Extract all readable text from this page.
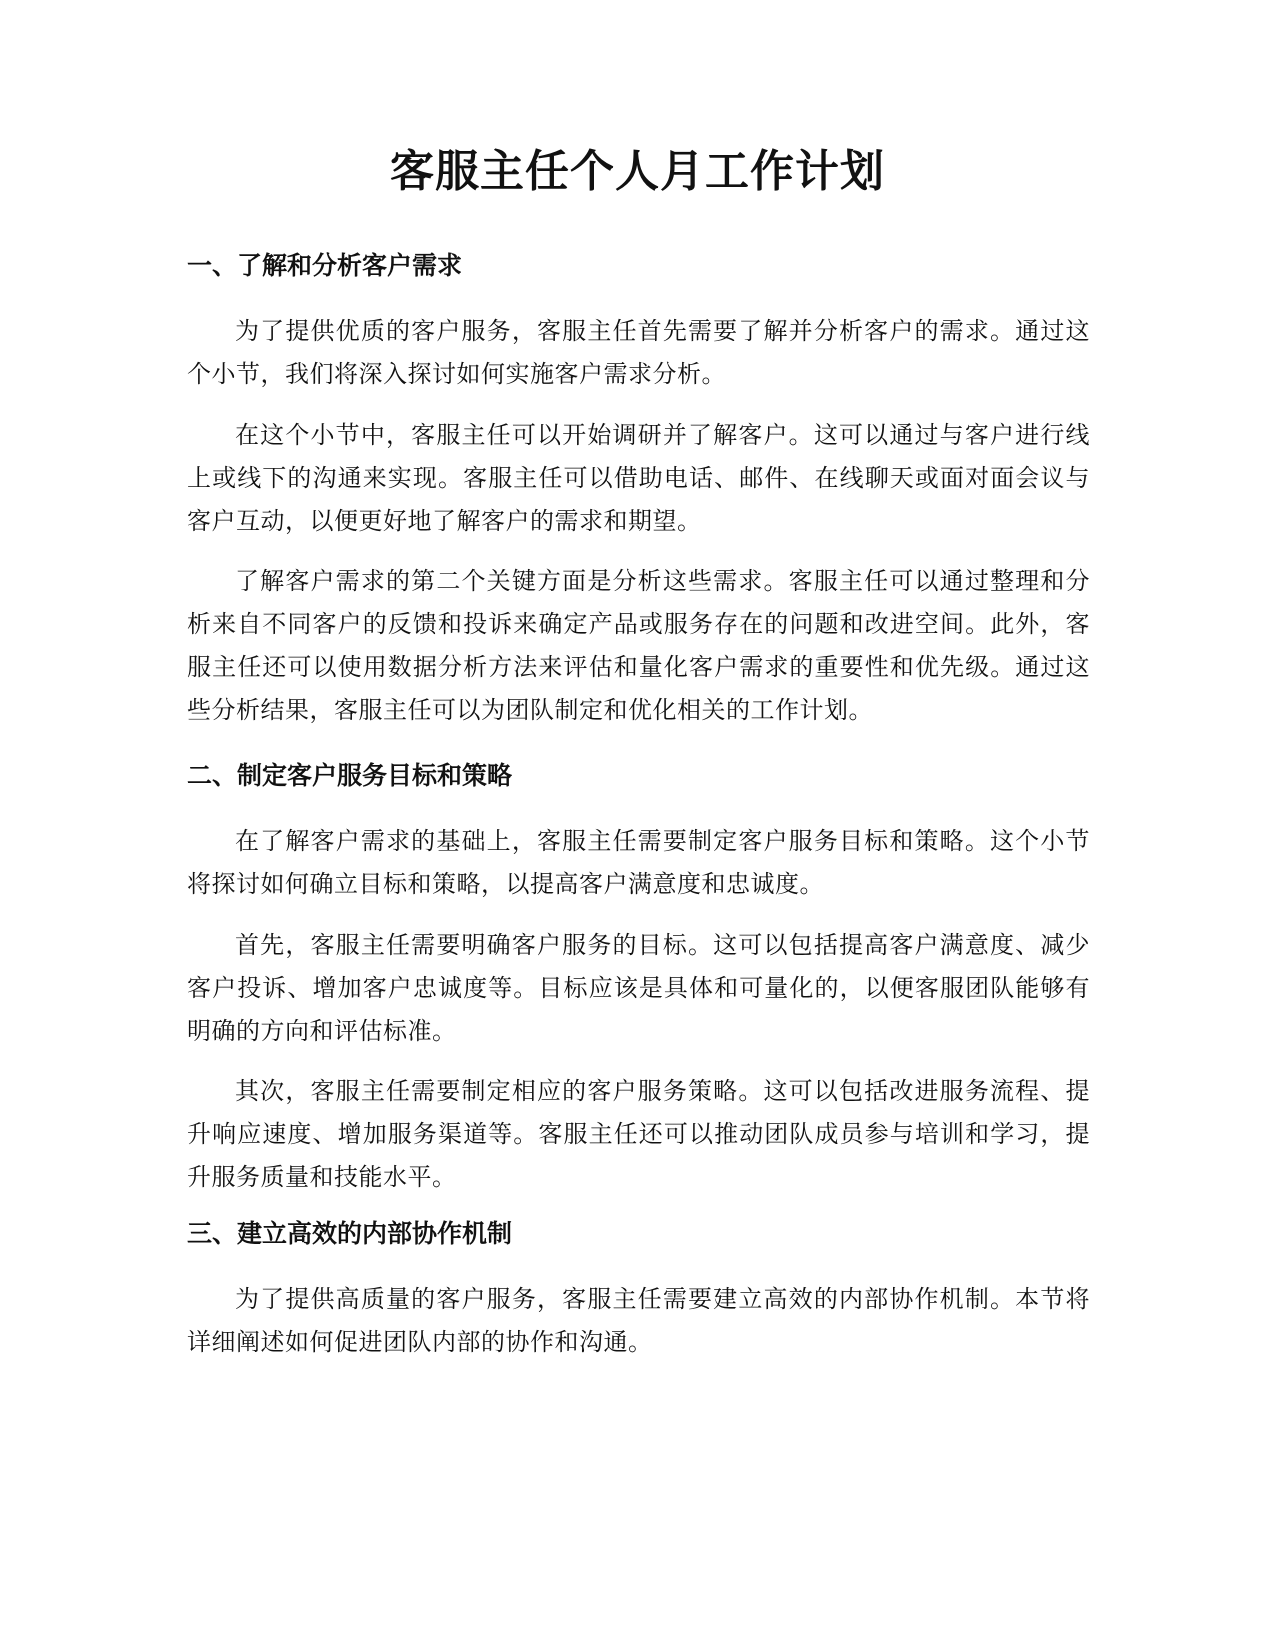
客服主任个人月工作计划
一、了解和分析客户需求

为了提供优质的客户服务，客服主任首先需要了解并分析客户的需求。通过这个小节，我们将深入探讨如何实施客户需求分析。

在这个小节中，客服主任可以开始调研并了解客户。这可以通过与客户进行线上或线下的沟通来实现。客服主任可以借助电话、邮件、在线聊天或面对面会议与客户互动，以便更好地了解客户的需求和期望。

了解客户需求的第二个关键方面是分析这些需求。客服主任可以通过整理和分析来自不同客户的反馈和投诉来确定产品或服务存在的问题和改进空间。此外，客服主任还可以使用数据分析方法来评估和量化客户需求的重要性和优先级。通过这些分析结果，客服主任可以为团队制定和优化相关的工作计划。

二、制定客户服务目标和策略

在了解客户需求的基础上，客服主任需要制定客户服务目标和策略。这个小节将探讨如何确立目标和策略，以提高客户满意度和忠诚度。

首先，客服主任需要明确客户服务的目标。这可以包括提高客户满意度、减少客户投诉、增加客户忠诚度等。目标应该是具体和可量化的，以便客服团队能够有明确的方向和评估标准。

其次，客服主任需要制定相应的客户服务策略。这可以包括改进服务流程、提升响应速度、增加服务渠道等。客服主任还可以推动团队成员参与培训和学习，提升服务质量和技能水平。

三、建立高效的内部协作机制

为了提供高质量的客户服务，客服主任需要建立高效的内部协作机制。本节将详细阐述如何促进团队内部的协作和沟通。
